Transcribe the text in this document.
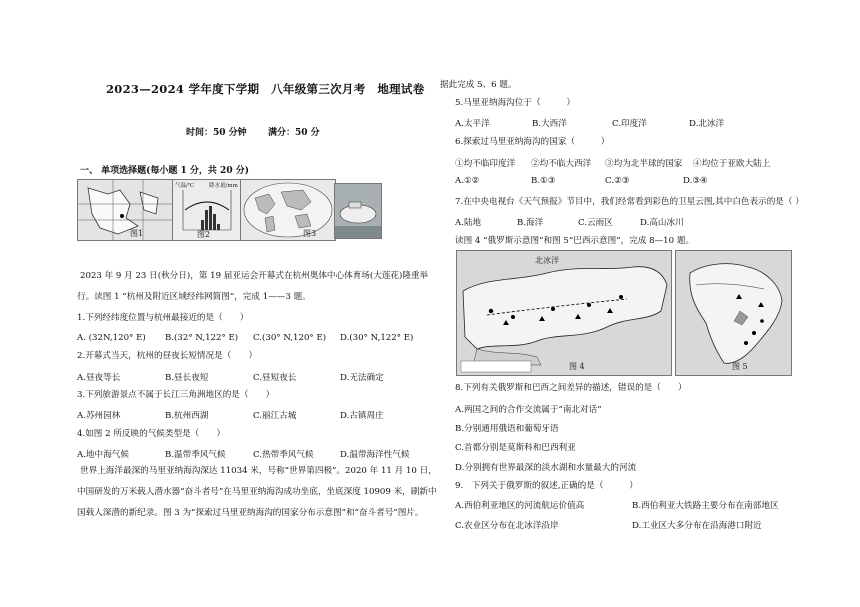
2023—2024 学年度下学期　八年级第三次月考　地理试卷
时间：50 分钟 满分：50 分
一、 单项选择题(每小题 1 分，共 20 分)
图1
气温/℃	降水量/mm
图2	图3
2023 年 9 月 23 日(秋分日)，第 19 届亚运会开幕式在杭州奥体中心体育场(大莲花)隆重举
行。读图 1 “杭州及附近区域经纬网简图”，完成 1——3 题。
1.下列经纬度位置与杭州最接近的是（　　）
A. (32N,120° E) B.(32° N,122° E) C.(30° N,120° E) D.(30° N,122° E)
2.开幕式当天，杭州的昼夜长短情况是（　　）
A.昼夜等长	B.昼长夜短	C.昼短夜长	D.无法确定
3.下列旅游景点不属于长江三角洲地区的是（　　）
A.苏州园林	B.杭州西湖	C.丽江古城	D.古镇周庄
4.如图 2 所反映的气候类型是（　　）
A.地中海气候	B.温带季风气候	C.热带季风气候	D.温带海洋性气候
世界上海洋最深的马里亚纳海沟深达 11034 米，号称“世界第四极”。2020 年 11 月 10 日，
中国研发的万米载人潜水器“奋斗者号”在马里亚纳海沟成功坐底，坐底深度 10909 米，刷新中
国载人深潜的新纪录。图 3 为“探索过马里亚纳海沟的国家分布示意图”和“奋斗者号”图片。
据此完成 5、6 题。
5.马里亚纳海沟位于（　　　）
A.太平洋	B.大西洋	C.印度洋	D.北冰洋
6.探索过马里亚纳海沟的国家（　　　）
①均不临印度洋 ②均不临大西洋 ③均为北半球的国家 ④均位于亚欧大陆上
A.①②	B.①③	C.②③	D.③④
7.在中央电视台《天气预报》节目中，我们经常看到彩色的卫星云图,其中白色表示的是（ ）
A.陆地	B.海洋	C.云雨区	D.高山冰川
读图 4 “俄罗斯示意图”和图 5“巴西示意图”，完成 8—10 题。
北冰洋
图 4	图 5
8.下列有关俄罗斯和巴西之间差异的描述，错误的是（　　）
A.两国之间的合作交流属于“南北对话”
B.分别通用俄语和葡萄牙语
C.首都分别是莫斯科和巴西利亚
D.分别拥有世界最深的淡水湖和水量最大的河流
9.　下列关于俄罗斯的叙述,正确的是（　　　）
A.西伯利亚地区的河流航运价值高	B.西伯利亚大铁路主要分布在南部地区
C.农业区分布在北冰洋沿岸	D.工业区大多分布在沿海港口附近
